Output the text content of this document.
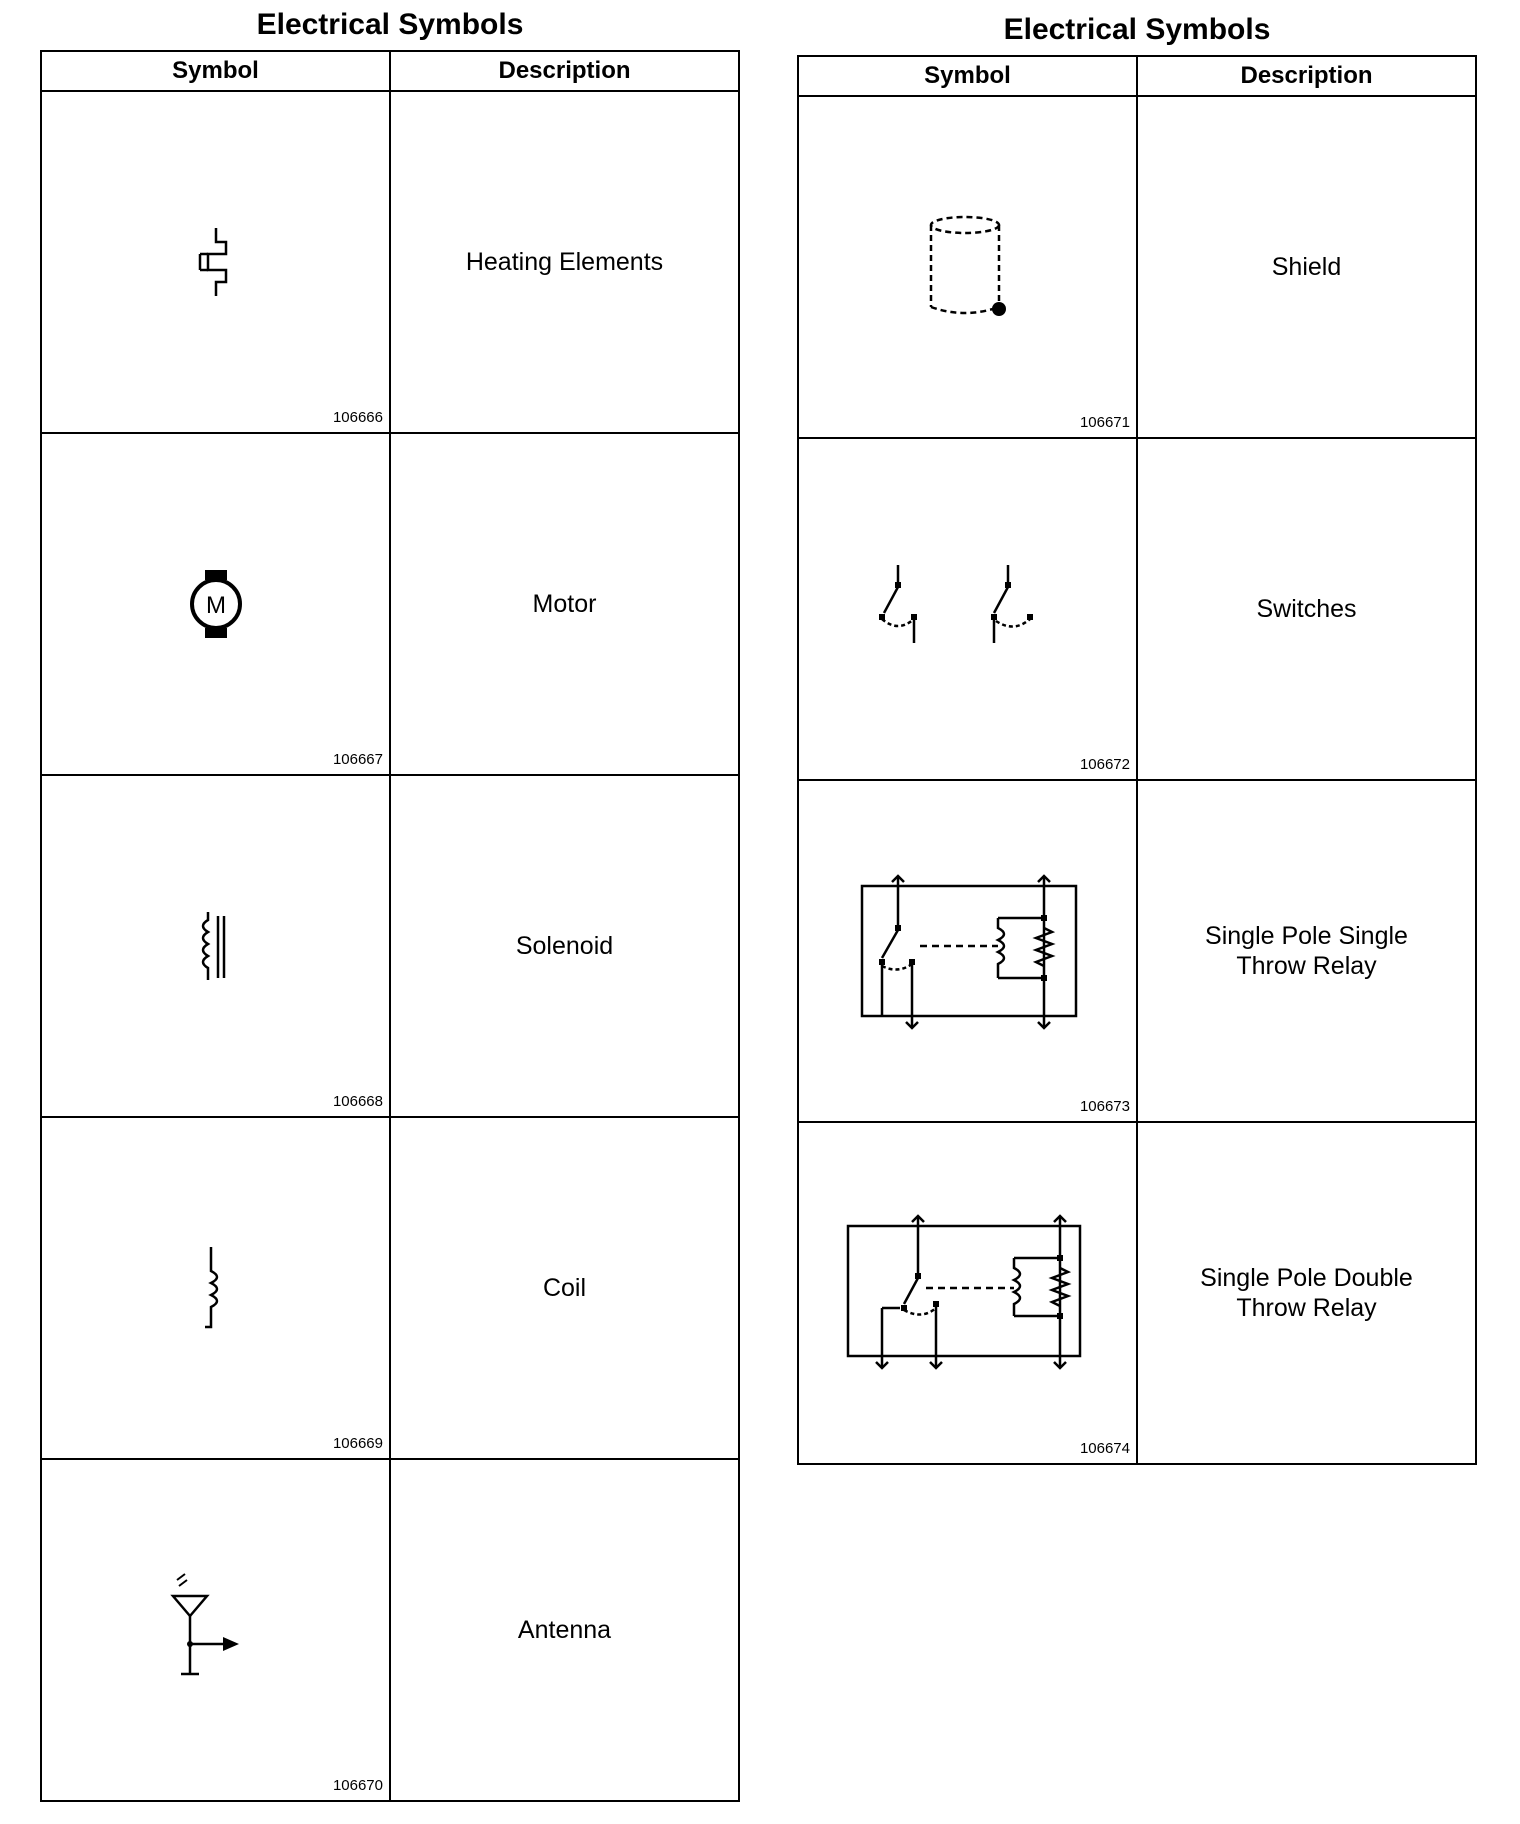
Electrical Symbols
Symbol	Description

106666	Heating Elements

M
106667	Motor

106668	Solenoid

106669	Coil

106670	Antenna
Electrical Symbols
Symbol	Description

106671	Shield

106672	Switches

106673	Single Pole Single
Throw Relay

106674	Single Pole Double
Throw Relay
